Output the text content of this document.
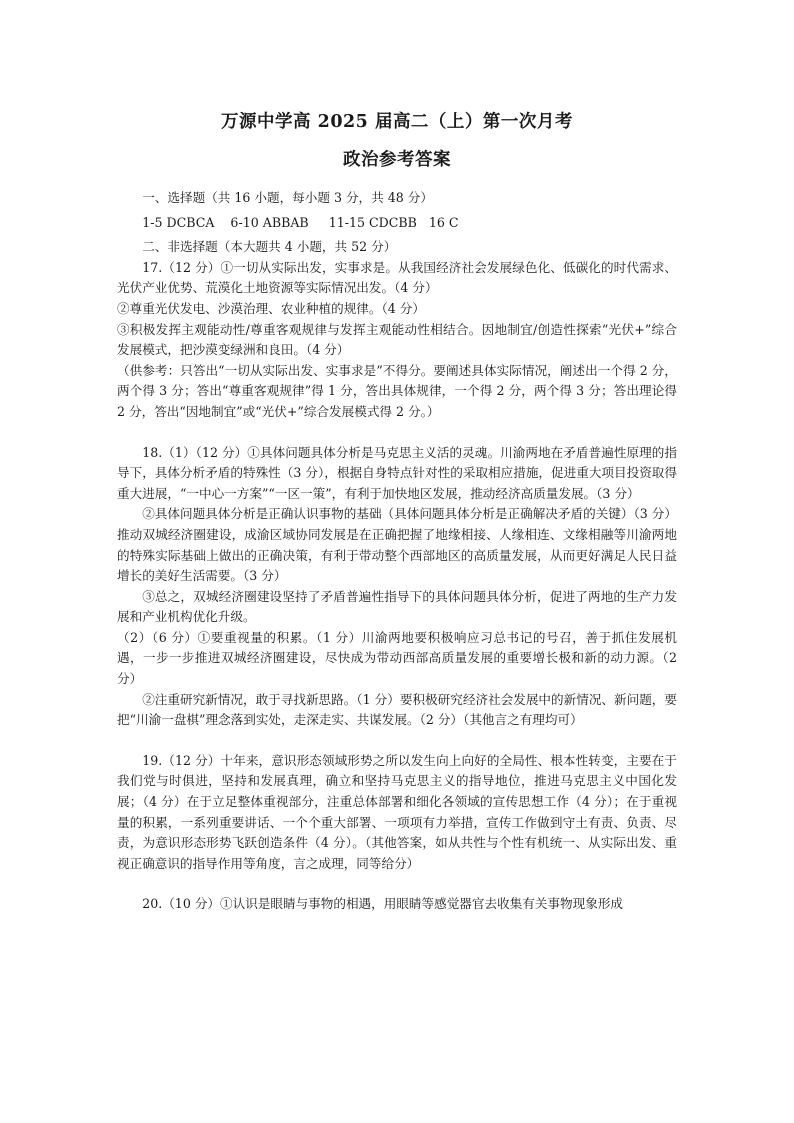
万源中学高 2025 届高二（上）第一次月考
政治参考答案

一、选择题（共 16 小题，每小题 3 分，共 48 分）

1-5 DCBCA    6-10 ABBAB     11-15 CDCBB   16 C

二、非选择题（本大题共 4 小题，共 52 分）

17.（12 分）①一切从实际出发，实事求是。从我国经济社会发展绿色化、低碳化的时代需求、光伏产业优势、荒漠化土地资源等实际情况出发。（4 分）

②尊重光伏发电、沙漠治理、农业种植的规律。（4 分）

③积极发挥主观能动性/尊重客观规律与发挥主观能动性相结合。因地制宜/创造性探索“光伏+”综合发展模式，把沙漠变绿洲和良田。（4 分）

（供参考：只答出“一切从实际出发、实事求是”不得分。要阐述具体实际情况，阐述出一个得 2 分，两个得 3 分；答出“尊重客观规律”得 1 分，答出具体规律，一个得 2 分，两个得 3 分；答出理论得 2 分，答出“因地制宜”或“光伏+”综合发展模式得 2 分。）

18.（1）（12 分）①具体问题具体分析是马克思主义活的灵魂。川渝两地在矛盾普遍性原理的指导下，具体分析矛盾的特殊性（3 分），根据自身特点针对性的采取相应措施，促进重大项目投资取得重大进展，“一中心一方案”“一区一策”，有利于加快地区发展，推动经济高质量发展。（3 分）

②具体问题具体分析是正确认识事物的基础（具体问题具体分析是正确解决矛盾的关键）（3 分）推动双城经济圈建设，成渝区域协同发展是在正确把握了地缘相接、人缘相连、文缘相融等川渝两地的特殊实际基础上做出的正确决策，有利于带动整个西部地区的高质量发展，从而更好满足人民日益增长的美好生活需要。（3 分）

③总之，双城经济圈建设坚持了矛盾普遍性指导下的具体问题具体分析，促进了两地的生产力发展和产业机构优化升级。

（2）（6 分）①要重视量的积累。（1 分）川渝两地要积极响应习总书记的号召，善于抓住发展机遇，一步一步推进双城经济圈建设，尽快成为带动西部高质量发展的重要增长极和新的动力源。（2 分）

②注重研究新情况，敢于寻找新思路。（1 分）要积极研究经济社会发展中的新情况、新问题，要把“川渝一盘棋”理念落到实处，走深走实、共谋发展。（2 分）（其他言之有理均可）

19.（12 分）十年来，意识形态领域形势之所以发生向上向好的全局性、根本性转变，主要在于我们党与时俱进，坚持和发展真理，确立和坚持马克思主义的指导地位，推进马克思主义中国化发展；（4 分）在于立足整体重视部分，注重总体部署和细化各领域的宣传思想工作（4 分）；在于重视量的积累，一系列重要讲话、一个个重大部署、一项项有力举措，宣传工作做到守土有责、负责、尽责，为意识形态形势飞跃创造条件（4 分）。（其他答案，如从共性与个性有机统一、从实际出发、重视正确意识的指导作用等角度，言之成理，同等给分）

20.（10 分）①认识是眼睛与事物的相遇，用眼睛等感觉器官去收集有关事物现象形成
